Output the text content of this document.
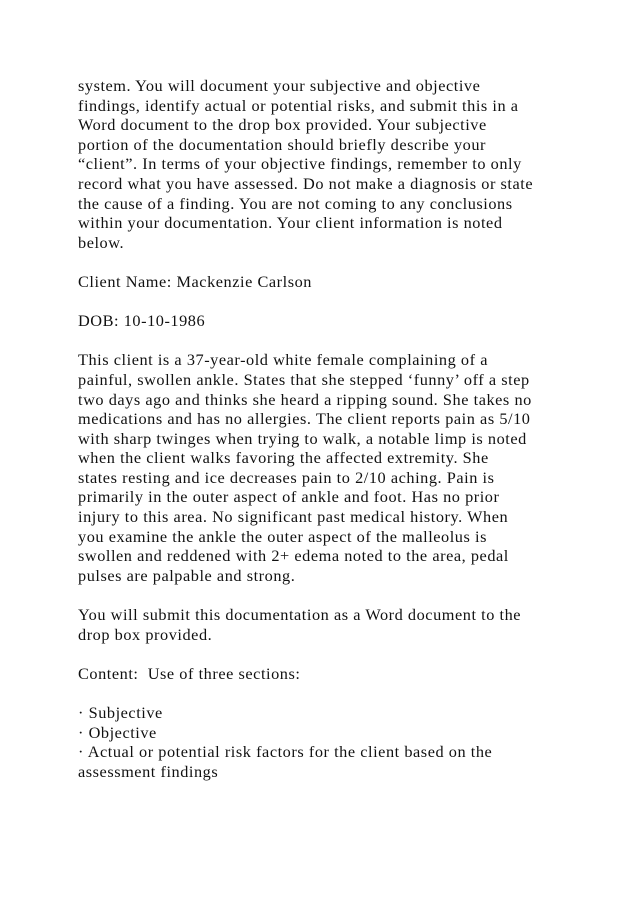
system. You will document your subjective and objective
findings, identify actual or potential risks, and submit this in a
Word document to the drop box provided. Your subjective
portion of the documentation should briefly describe your
“client”. In terms of your objective findings, remember to only
record what you have assessed. Do not make a diagnosis or state
the cause of a finding. You are not coming to any conclusions
within your documentation. Your client information is noted
below.

Client Name: Mackenzie Carlson

DOB: 10-10-1986

This client is a 37-year-old white female complaining of a
painful, swollen ankle. States that she stepped ‘funny’ off a step
two days ago and thinks she heard a ripping sound. She takes no
medications and has no allergies. The client reports pain as 5/10
with sharp twinges when trying to walk, a notable limp is noted
when the client walks favoring the affected extremity. She
states resting and ice decreases pain to 2/10 aching. Pain is
primarily in the outer aspect of ankle and foot. Has no prior
injury to this area. No significant past medical history. When
you examine the ankle the outer aspect of the malleolus is
swollen and reddened with 2+ edema noted to the area, pedal
pulses are palpable and strong.

You will submit this documentation as a Word document to the
drop box provided.

Content:  Use of three sections:

· Subjective
· Objective
· Actual or potential risk factors for the client based on the
assessment findings
